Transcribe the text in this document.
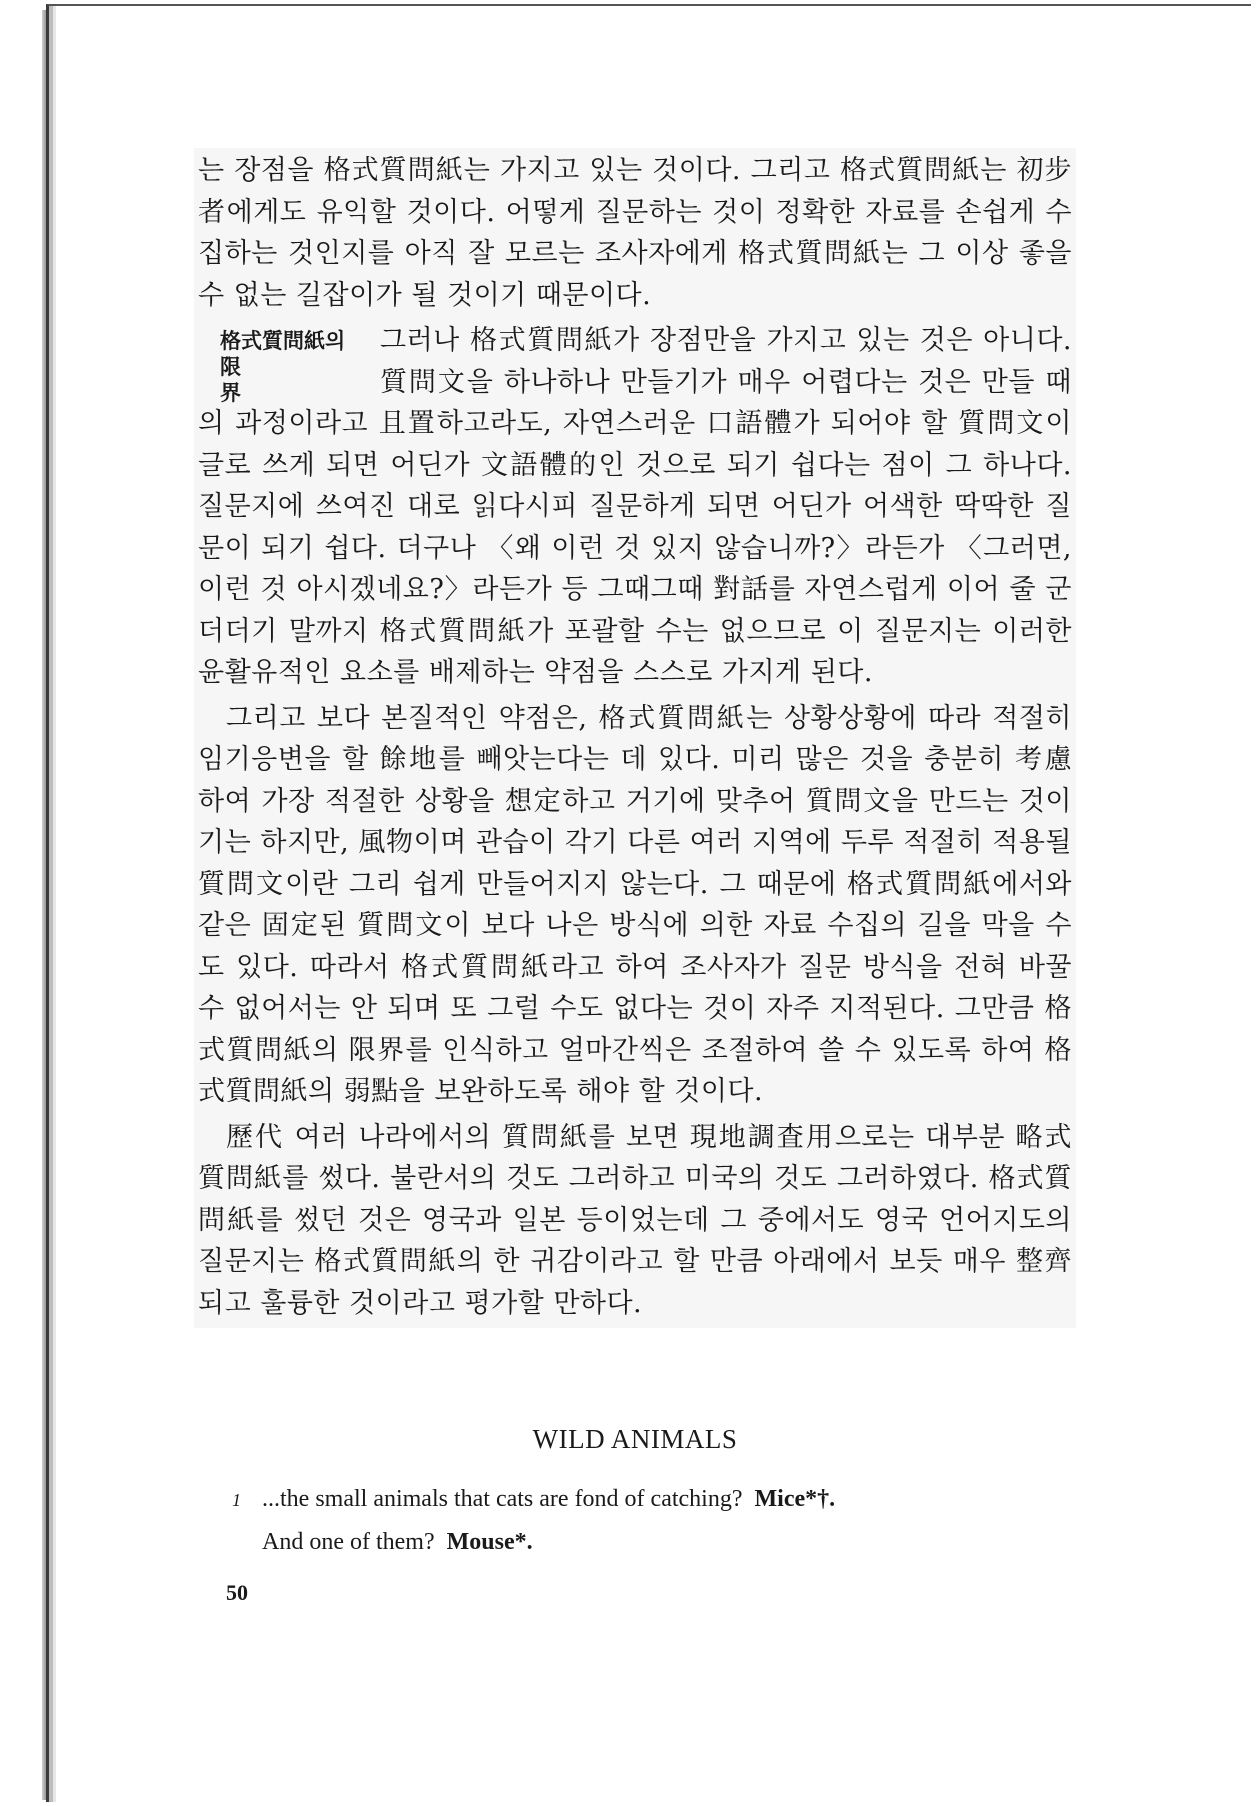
는 장점을 格式質問紙는 가지고 있는 것이다. 그리고 格式質問紙는 初步者에게도 유익할 것이다. 어떻게 질문하는 것이 정확한 자료를 손쉽게 수집하는 것인지를 아직 잘 모르는 조사자에게 格式質問紙는 그 이상 좋을 수 없는 길잡이가 될 것이기 때문이다.

格式質問紙의
限界

그러나 格式質問紙가 장점만을 가지고 있는 것은 아니다. 質問文을 하나하나 만들기가 매우 어렵다는 것은 만들 때의 과정이라고 且置하고라도, 자연스러운 口語體가 되어야 할 質問文이 글로 쓰게 되면 어딘가 文語體的인 것으로 되기 쉽다는 점이 그 하나다. 질문지에 쓰여진 대로 읽다시피 질문하게 되면 어딘가 어색한 딱딱한 질문이 되기 쉽다. 더구나 〈왜 이런 것 있지 않습니까?〉라든가 〈그러면, 이런 것 아시겠네요?〉라든가 등 그때그때 對話를 자연스럽게 이어 줄 군더더기 말까지 格式質問紙가 포괄할 수는 없으므로 이 질문지는 이러한 윤활유적인 요소를 배제하는 약점을 스스로 가지게 된다.

그리고 보다 본질적인 약점은, 格式質問紙는 상황상황에 따라 적절히 임기응변을 할 餘地를 빼앗는다는 데 있다. 미리 많은 것을 충분히 考慮하여 가장 적절한 상황을 想定하고 거기에 맞추어 質問文을 만드는 것이기는 하지만, 風物이며 관습이 각기 다른 여러 지역에 두루 적절히 적용될 質問文이란 그리 쉽게 만들어지지 않는다. 그 때문에 格式質問紙에서와 같은 固定된 質問文이 보다 나은 방식에 의한 자료 수집의 길을 막을 수도 있다. 따라서 格式質問紙라고 하여 조사자가 질문 방식을 전혀 바꿀 수 없어서는 안 되며 또 그럴 수도 없다는 것이 자주 지적된다. 그만큼 格式質問紙의 限界를 인식하고 얼마간씩은 조절하여 쓸 수 있도록 하여 格式質問紙의 弱點을 보완하도록 해야 할 것이다.

歷代 여러 나라에서의 質問紙를 보면 現地調査用으로는 대부분 略式質問紙를 썼다. 불란서의 것도 그러하고 미국의 것도 그러하였다. 格式質問紙를 썼던 것은 영국과 일본 등이었는데 그 중에서도 영국 언어지도의 질문지는 格式質問紙의 한 귀감이라고 할 만큼 아래에서 보듯 매우 整齊되고 훌륭한 것이라고 평가할 만하다.

WILD ANIMALS
1 ...the small animals that cats are fond of catching? Mice*†.
And one of them? Mouse*.
50
